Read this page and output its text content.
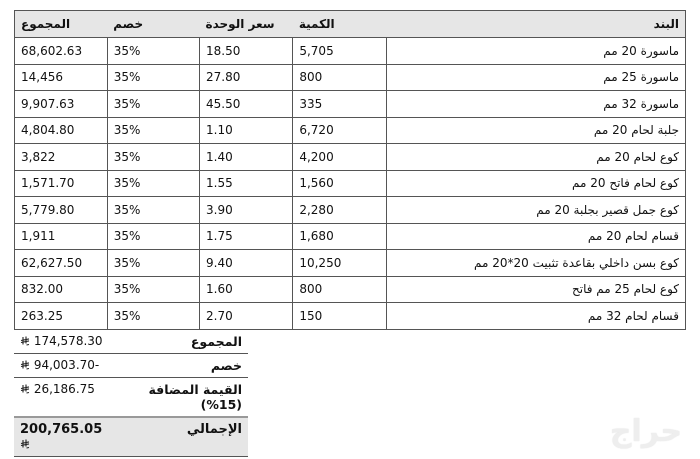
البند	الكمية	سعر الوحدة	خصم	المجموع
ماسورة 20 مم	5,705	18.50	35%	68,602.63
ماسورة 25 مم	800	27.80	35%	14,456
ماسورة 32 مم	335	45.50	35%	9,907.63
جلبة لحام 20 مم	6,720	1.10	35%	4,804.80
كوع لحام 20 مم	4,200	1.40	35%	3,822
كوع لحام فاتح 20 مم	1,560	1.55	35%	1,571.70
كوع جمل قصير بجلبة 20 مم	2,280	3.90	35%	5,779.80
قسام لحام 20 مم	1,680	1.75	35%	1,911
كوع بسن داخلي بقاعدة تثبيت 20*20 مم	10,250	9.40	35%	62,627.50
كوع لحام 25 مم فاتح	800	1.60	35%	832.00
قسام لحام 32 مم	150	2.70	35%	263.25
المجموع	174,578.30
خصم	-94,003.70
القيمة المضافة (15%)	26,186.75
الإجمالي	200,765.05	حراج
